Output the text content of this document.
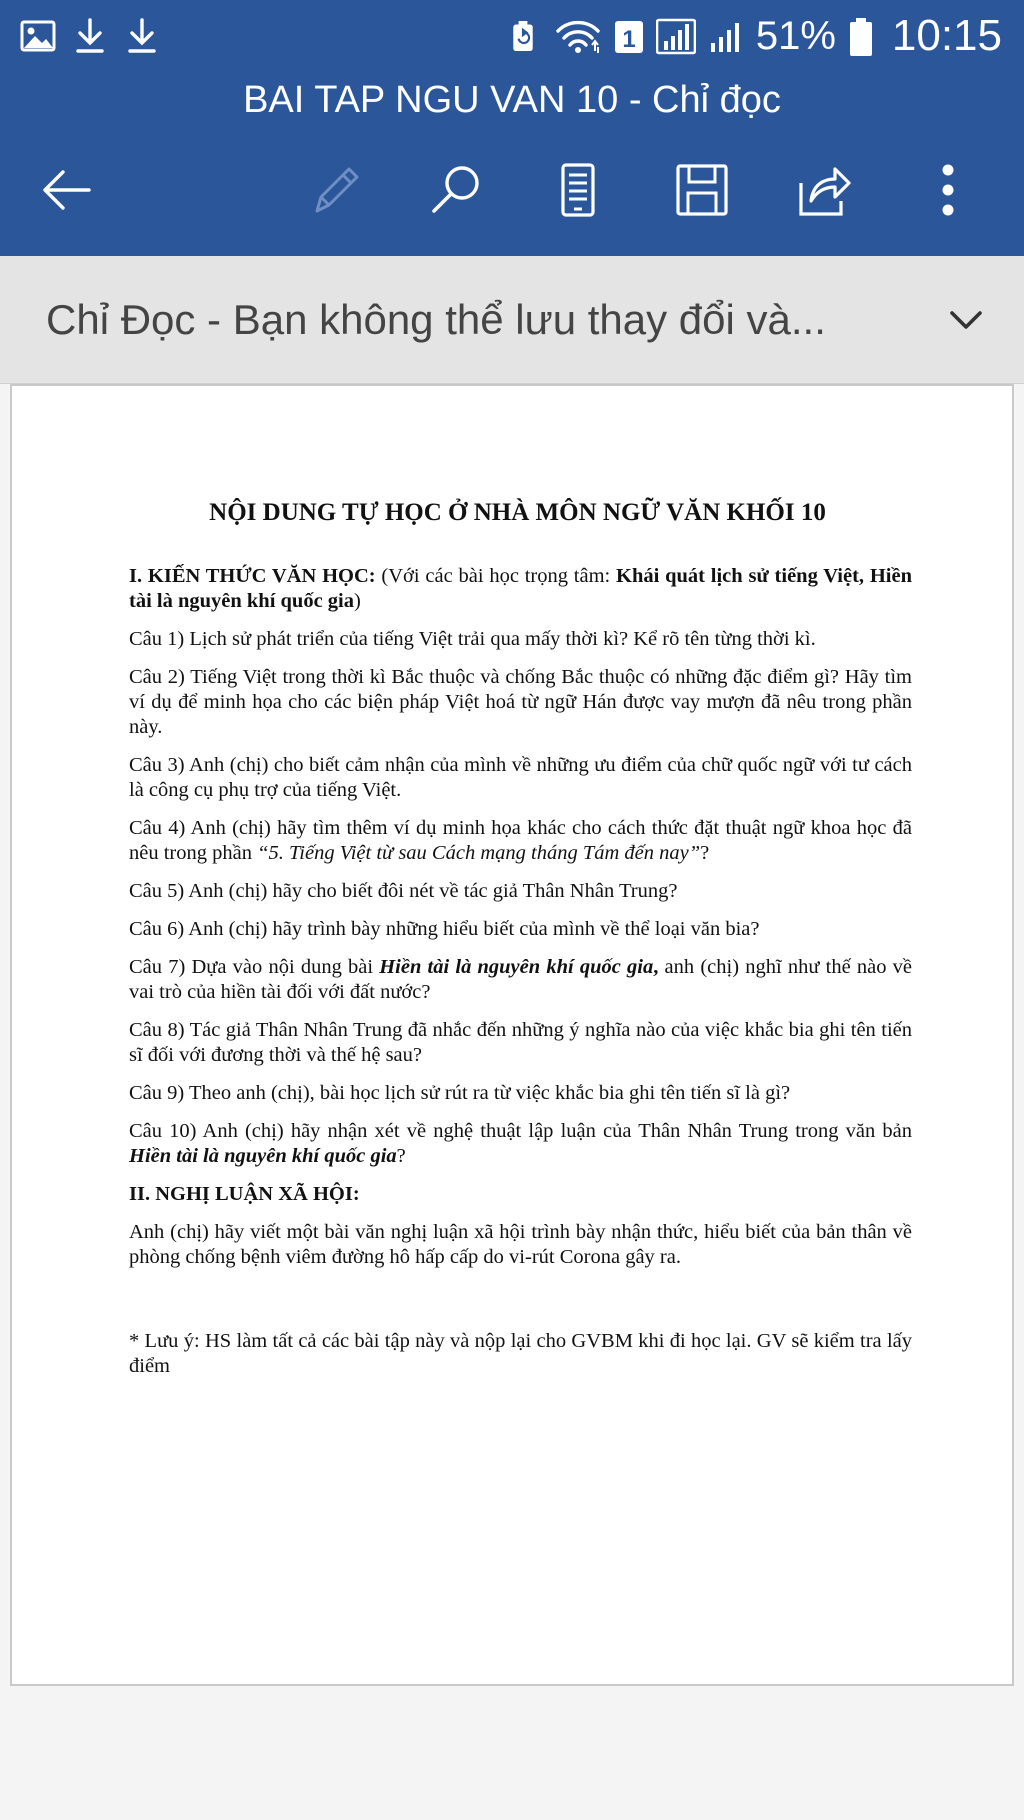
1	51% 10:15
BAI TAP NGU VAN 10 - Chỉ đọc
Chỉ Đọc - Bạn không thể lưu thay đổi và...
NỘI DUNG TỰ HỌC Ở NHÀ MÔN NGỮ VĂN KHỐI 10

I. KIẾN THỨC VĂN HỌC: (Với các bài học trọng tâm: Khái quát lịch sử tiếng Việt, Hiền tài là nguyên khí quốc gia)

Câu 1) Lịch sử phát triển của tiếng Việt trải qua mấy thời kì? Kể rõ tên từng thời kì.

Câu 2) Tiếng Việt trong thời kì Bắc thuộc và chống Bắc thuộc có những đặc điểm gì? Hãy tìm ví dụ để minh họa cho các biện pháp Việt hoá từ ngữ Hán được vay mượn đã nêu trong phần này.

Câu 3) Anh (chị) cho biết cảm nhận của mình về những ưu điểm của chữ quốc ngữ với tư cách là công cụ phụ trợ của tiếng Việt.

Câu 4) Anh (chị) hãy tìm thêm ví dụ minh họa khác cho cách thức đặt thuật ngữ khoa học đã nêu trong phần “5. Tiếng Việt từ sau Cách mạng tháng Tám đến nay”?

Câu 5) Anh (chị) hãy cho biết đôi nét về tác giả Thân Nhân Trung?

Câu 6) Anh (chị) hãy trình bày những hiểu biết của mình về thể loại văn bia?

Câu 7) Dựa vào nội dung bài Hiền tài là nguyên khí quốc gia, anh (chị) nghĩ như thế nào về vai trò của hiền tài đối với đất nước?

Câu 8) Tác giả Thân Nhân Trung đã nhắc đến những ý nghĩa nào của việc khắc bia ghi tên tiến sĩ đối với đương thời và thế hệ sau?

Câu 9) Theo anh (chị), bài học lịch sử rút ra từ việc khắc bia ghi tên tiến sĩ là gì?

Câu 10) Anh (chị) hãy nhận xét về nghệ thuật lập luận của Thân Nhân Trung trong văn bản Hiền tài là nguyên khí quốc gia?

II. NGHỊ LUẬN XÃ HỘI:

Anh (chị) hãy viết một bài văn nghị luận xã hội trình bày nhận thức, hiểu biết của bản thân về phòng chống bệnh viêm đường hô hấp cấp do vi-rút Corona gây ra.

* Lưu ý: HS làm tất cả các bài tập này và nộp lại cho GVBM khi đi học lại. GV sẽ kiểm tra lấy điểm
